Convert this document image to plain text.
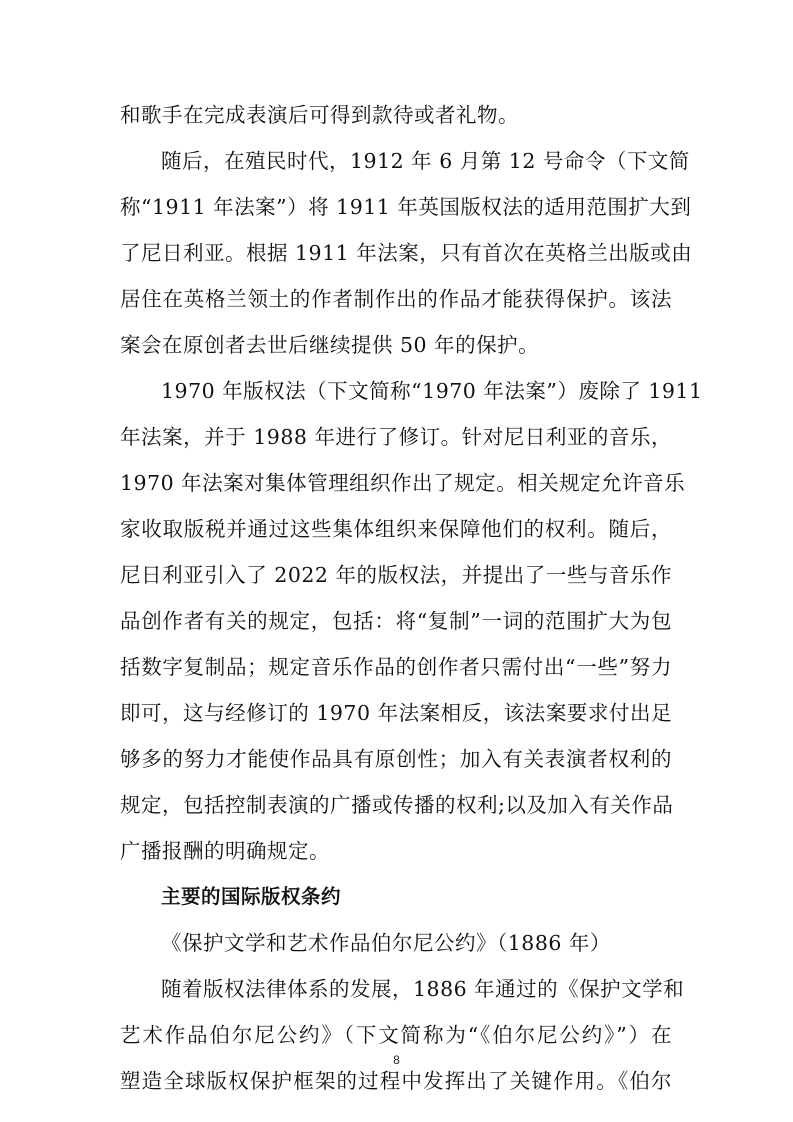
和歌手在完成表演后可得到款待或者礼物。
随后，在殖民时代，1912 年 6 月第 12 号命令（下文简
称“1911 年法案”）将 1911 年英国版权法的适用范围扩大到
了尼日利亚。根据 1911 年法案，只有首次在英格兰出版或由
居住在英格兰领土的作者制作出的作品才能获得保护。该法
案会在原创者去世后继续提供 50 年的保护。
1970 年版权法（下文简称“1970 年法案”）废除了 1911
年法案，并于 1988 年进行了修订。针对尼日利亚的音乐，
1970 年法案对集体管理组织作出了规定。相关规定允许音乐
家收取版税并通过这些集体组织来保障他们的权利。随后，
尼日利亚引入了 2022 年的版权法，并提出了一些与音乐作
品创作者有关的规定，包括：将“复制”一词的范围扩大为包
括数字复制品；规定音乐作品的创作者只需付出“一些”努力
即可，这与经修订的 1970 年法案相反，该法案要求付出足
够多的努力才能使作品具有原创性；加入有关表演者权利的
规定，包括控制表演的广播或传播的权利;以及加入有关作品
广播报酬的明确规定。
主要的国际版权条约
《保护文学和艺术作品伯尔尼公约》（1886 年）
随着版权法律体系的发展，1886 年通过的《保护文学和
艺术作品伯尔尼公约》（下文简称为“《伯尔尼公约》”）在
塑造全球版权保护框架的过程中发挥出了关键作用。《伯尔
8
